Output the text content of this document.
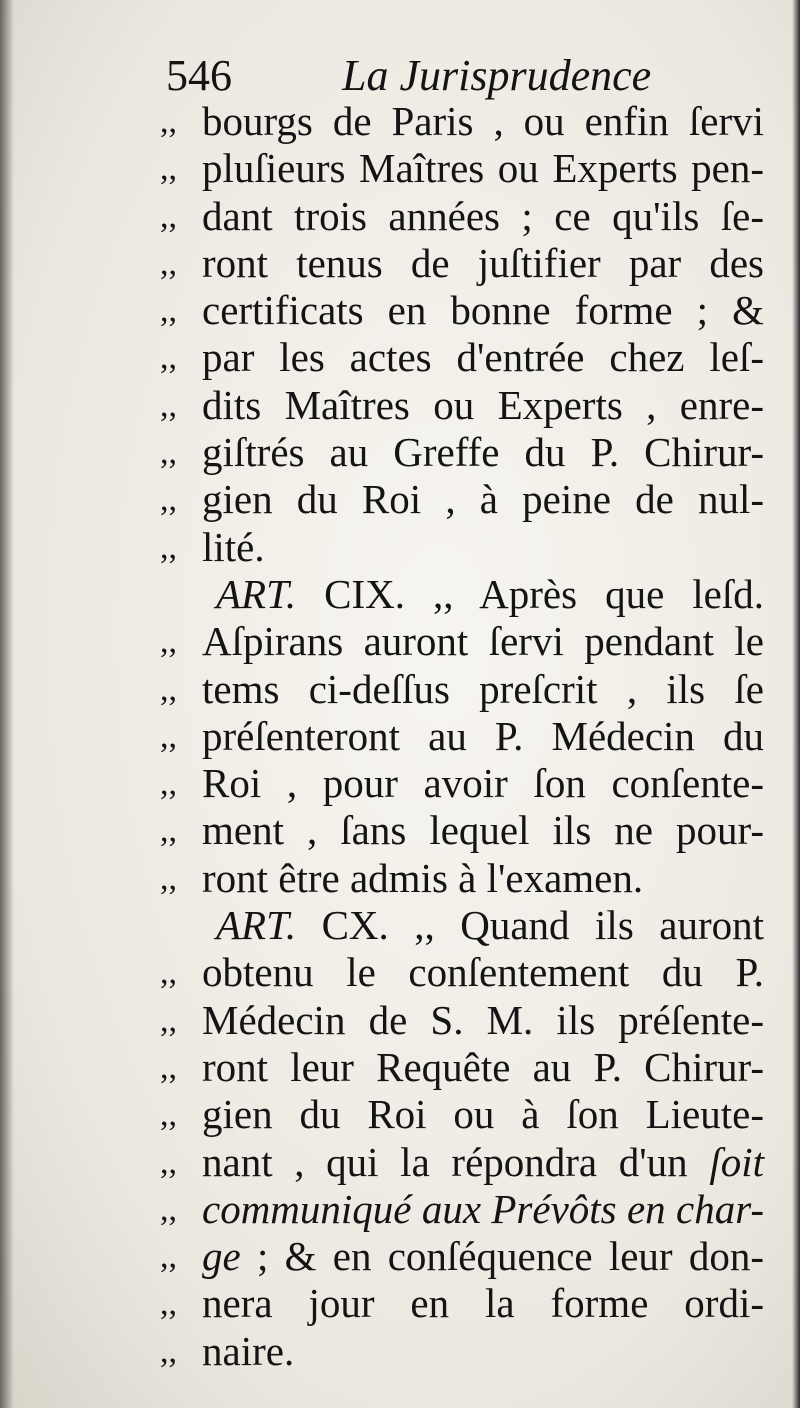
546	La Jurisprudence
,, bourgs de Paris , ou enfin ſervi
,, pluſieurs Maîtres ou Experts pen-
,, dant trois années ; ce qu'ils ſe-
,, ront tenus de juſtifier par des
,, certificats en bonne forme ; &
,, par les actes d'entrée chez leſ-
,, dits Maîtres ou Experts , enre-
,, giſtrés au Greffe du P. Chirur-
,, gien du Roi , à peine de nul-
,, lité.
ART. CIX. ,, Après que leſd.
,, Aſpirans auront ſervi pendant le
,, tems ci-deſſus preſcrit , ils ſe
,, préſenteront au P. Médecin du
,, Roi , pour avoir ſon conſente-
,, ment , ſans lequel ils ne pour-
,, ront être admis à l'examen.
ART. CX. ,, Quand ils auront
,, obtenu le conſentement du P.
,, Médecin de S. M. ils préſente-
,, ront leur Requête au P. Chirur-
,, gien du Roi ou à ſon Lieute-
,, nant , qui la répondra d'un ſoit
,, communiqué aux Prévôts en char-
,, ge ; & en conſéquence leur don-
,, nera jour en la forme ordi-
,, naire.
